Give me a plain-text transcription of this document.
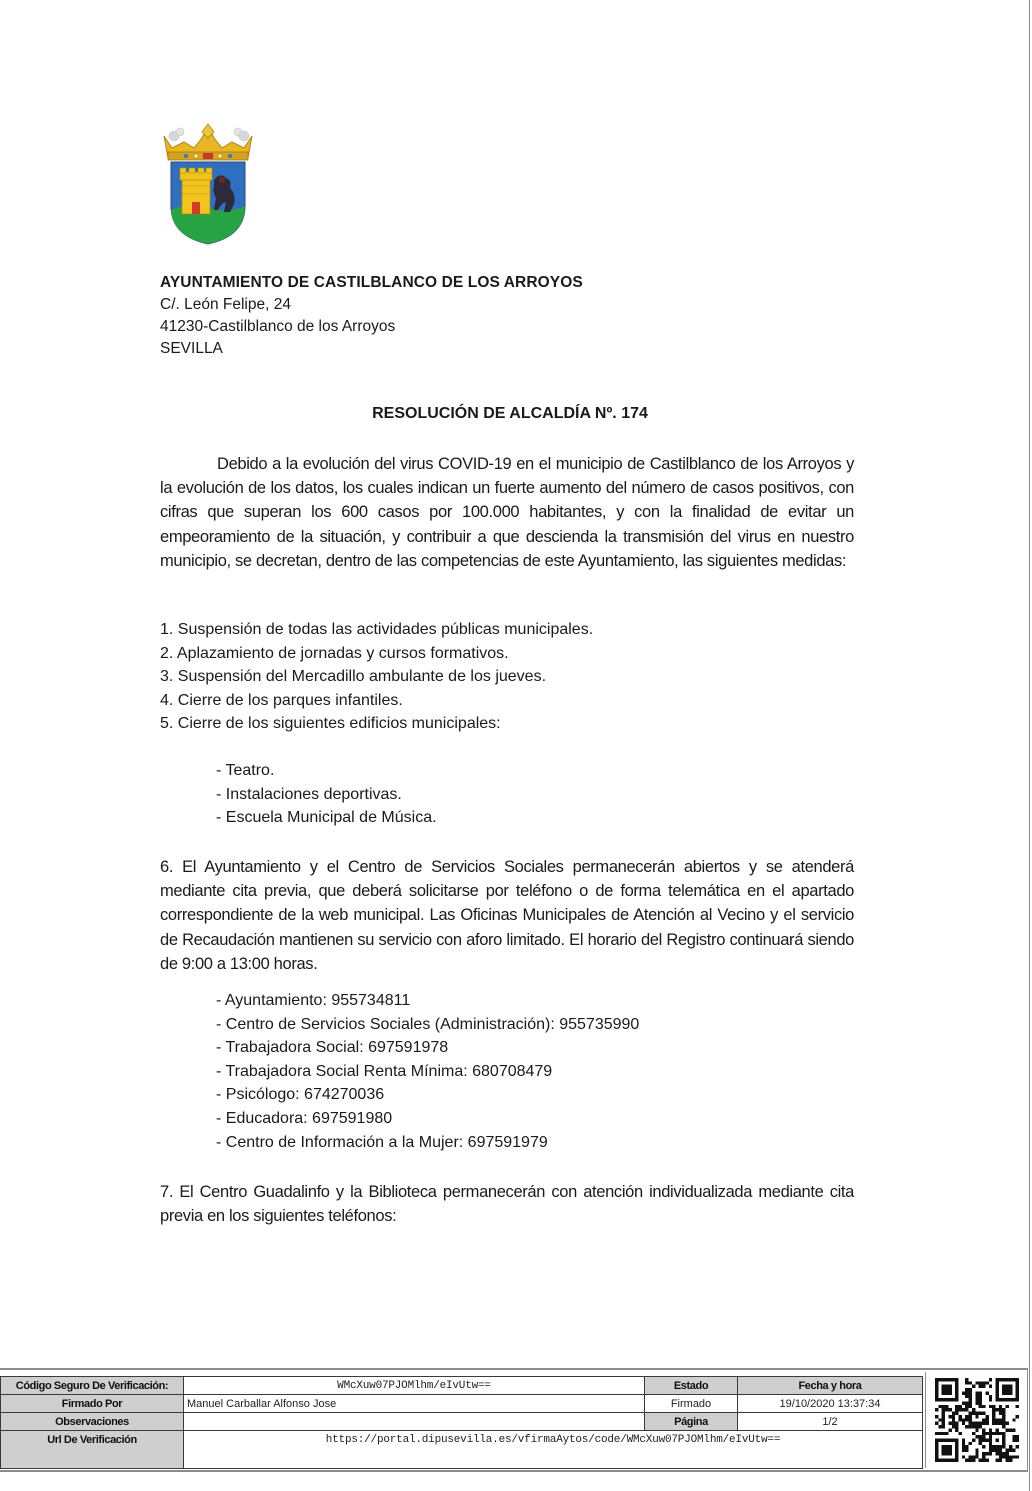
AYUNTAMIENTO DE CASTILBLANCO DE LOS ARROYOS
C/. León Felipe, 24
41230-Castilblanco de los Arroyos
SEVILLA
RESOLUCIÓN DE ALCALDÍA Nº. 174
Debido a la evolución del virus COVID-19 en el municipio de Castilblanco de los Arroyos y la evolución de los datos, los cuales indican un fuerte aumento del número de casos positivos, con cifras que superan los 600 casos por 100.000 habitantes, y con la finalidad de evitar un empeoramiento de la situación, y contribuir a que descienda la transmisión del virus en nuestro municipio, se decretan, dentro de las competencias de este Ayuntamiento, las siguientes medidas:
1. Suspensión de todas las actividades públicas municipales.
2. Aplazamiento de jornadas y cursos formativos.
3. Suspensión del Mercadillo ambulante de los jueves.
4. Cierre de los parques infantiles.
5. Cierre de los siguientes edificios municipales:
- Teatro.
- Instalaciones deportivas.
- Escuela Municipal de Música.
6. El Ayuntamiento y el Centro de Servicios Sociales permanecerán abiertos y se atenderá mediante cita previa, que deberá solicitarse por teléfono o de forma telemática en el apartado correspondiente de la web municipal. Las Oficinas Municipales de Atención al Vecino y el servicio de Recaudación mantienen su servicio con aforo limitado. El horario del Registro continuará siendo de 9:00 a 13:00 horas.
- Ayuntamiento: 955734811
- Centro de Servicios Sociales (Administración): 955735990
- Trabajadora Social: 697591978
- Trabajadora Social Renta Mínima: 680708479
- Psicólogo: 674270036
- Educadora: 697591980
- Centro de Información a la Mujer: 697591979
7. El Centro Guadalinfo y la Biblioteca permanecerán con atención individualizada mediante cita previa en los siguientes teléfonos:
Código Seguro De Verificación:	WMcXuw07PJOMlhm/eIvUtw==	Estado	Fecha y hora
Firmado Por	Manuel Carballar Alfonso Jose	Firmado	19/10/2020 13:37:34
Observaciones		Página	1/2
Url De Verificación	https://portal.dipusevilla.es/vfirmaAytos/code/WMcXuw07PJOMlhm/eIvUtw==		
